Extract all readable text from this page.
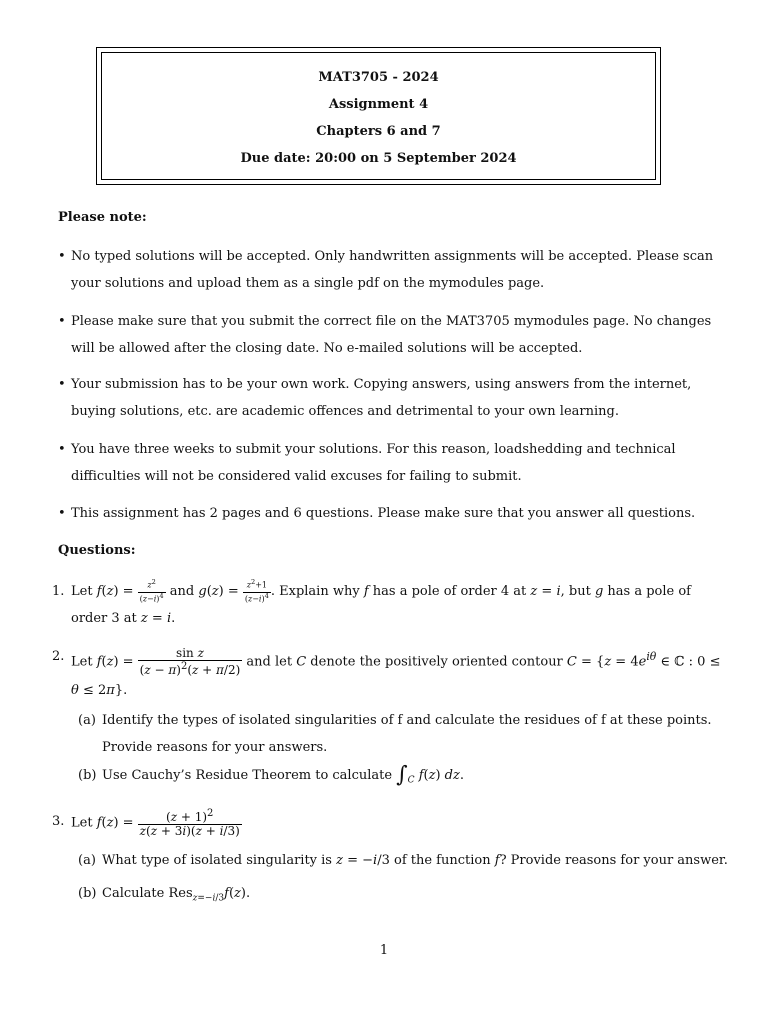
MAT3705 - 2024
Assignment 4
Chapters 6 and 7
Due date: 20:00 on 5 September 2024
Please note:
• No typed solutions will be accepted. Only handwritten assignments will be accepted. Please scan your solutions and upload them as a single pdf on the mymodules page.
• Please make sure that you submit the correct file on the MAT3705 mymodules page. No changes will be allowed after the closing date. No e-mailed solutions will be accepted.
• Your submission has to be your own work. Copying answers, using answers from the internet, buying solutions, etc. are academic offences and detrimental to your own learning.
• You have three weeks to submit your solutions. For this reason, loadshedding and technical difficulties will not be considered valid excuses for failing to submit.
• This assignment has 2 pages and 6 questions. Please make sure that you answer all questions.
Questions:
1. Let $f(z) = \frac{z^2}{(z-i)^4}$ and $g(z) = \frac{z^2+1}{(z-i)^4}$ . Explain why f has a pole of order 4 at z = i, but g has a pole of order 3 at z = i.
2. Let $f(z) = \frac{\text{sin z}}{(z - \pi)^2(z + \pi/2)}$ and let C denote the positively oriented contour $C = \{z = 4e^{i\theta}$ ∈ ℂ : 0 ≤ θ ≤ 2π}.
(a) Identify the types of isolated singularities of f and calculate the residues of f at these points. Provide reasons for your answers.
(b) Use Cauchy’s Residue Theorem to calculate $\int_C$ f(z) dz.
3. Let $f(z) = \frac{(z + 1)^2}{z(z + 3i)(z + i/3)}$
(a) What type of isolated singularity is z = −i/3 of the function f? Provide reasons for your answer.
(b) Calculate Res$_{z=-i/3}$f(z).
1
